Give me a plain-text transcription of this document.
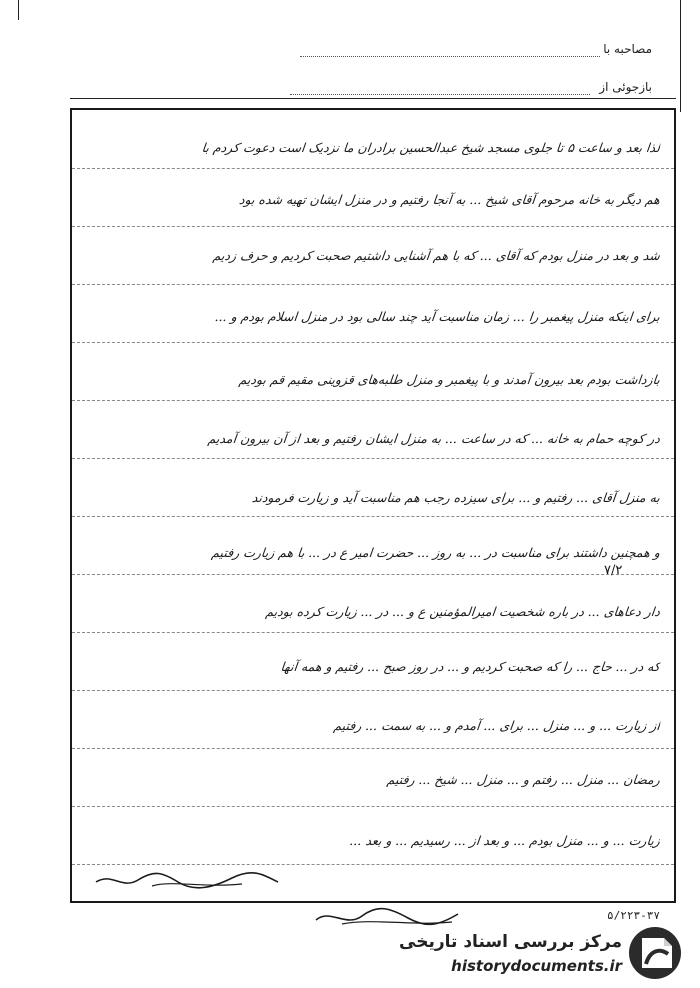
مصاحبه با
بازجوئی از
لذا بعد و ساعت ۵ تا جلوی مسجد شیخ عبدالحسین برادران ما نزدیک است دعوت کردم با
هم دیگر به خانه مرحوم آقای شیخ ... به آنجا رفتیم و در منزل ایشان تهیه شده بود
شد و بعد در منزل بودم که آقای ... که با هم آشنایی داشتیم صحبت کردیم و حرف زدیم
برای اینکه منزل پیغمبر را ... زمان مناسبت آید چند سالی بود در منزل اسلام بودم و ...
بازداشت بودم بعد بیرون آمدند و با پیغمبر و منزل طلبه‌های قزوینی مقیم قم بودیم
در کوچه حمام به خانه ... که در ساعت ... به منزل ایشان رفتیم و بعد از آن بیرون آمدیم
به منزل آقای ... رفتیم و ... برای سیزده رجب هم مناسبت آید و زیارت فرمودند
و همچنین داشتند برای مناسبت در ... به روز ... حضرت امیر ع در ... با هم زیارت رفتیم
دار دعاهای ... در باره شخصیت امیرالمؤمنین ع و ... در ... زیارت کرده بودیم
که در ... حاج ... را که صحبت کردیم و ... در روز صبح ... رفتیم و همه آنها
از زیارت ... و ... منزل ... برای ... آمدم و ... به سمت ... رفتیم
رمضان ... منزل ... رفتم و ... منزل ... شیخ ... رفتیم
زیارت ... و ... منزل بودم ... و بعد از ... رسیدیم ... و بعد ...
۷/۲
۵/۲۲۳-۳۷
مرکز بررسی اسناد تاریخی
historydocuments.ir
